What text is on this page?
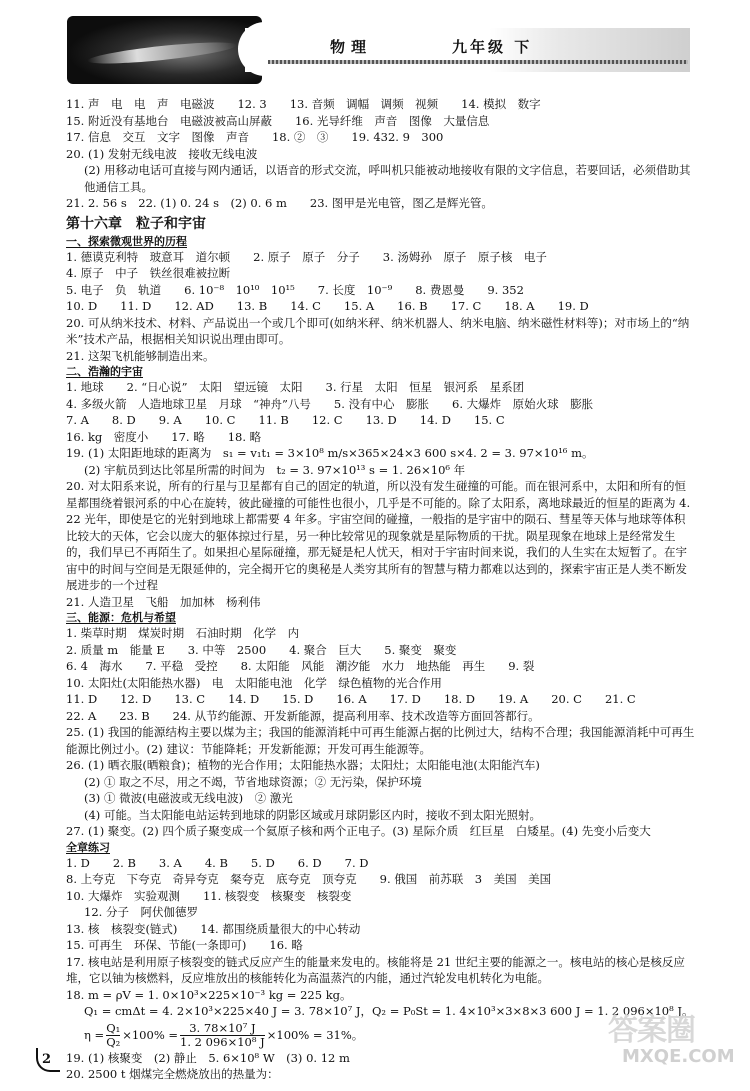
物理	九年级 下
11. 声　电　电　声　电磁波　　12. 3　　13. 音频　调幅　调频　视频　　14. 模拟　数字
15. 附近没有基地台　电磁波被高山屏蔽　　16. 光导纤维　声音　图像　大量信息
17. 信息　交互　文字　图像　声音　　18. ②　③　　19. 432. 9　300
20. (1) 发射无线电波　接收无线电波
(2) 用移动电话可直接与网内通话，以语音的形式交流，呼叫机只能被动地接收有限的文字信息，若要回话，必须借助其他通信工具。
21. 2. 56 s　22. (1) 0. 24 s　(2) 0. 6 m　　23. 图甲是光电管，图乙是辉光管。
第十六章　粒子和宇宙
一、探索微观世界的历程
1. 德谟克利特　玻意耳　道尔顿　　2. 原子　原子　分子　　3. 汤姆孙　原子　原子核　电子
4. 原子　中子　铁丝很难被拉断
5. 电子　负　轨道　　6. 10⁻⁸　10¹⁰　10¹⁵　　7. 长度　10⁻⁹　　8. 费恩曼　　9. 352
10. D　　11. D　　12. AD　　13. B　　14. C　　15. A　　16. B　　17. C　　18. A　　19. D
20. 可从纳米技术、材料、产品说出一个或几个即可(如纳米秤、纳米机器人、纳米电脑、纳米磁性材料等)；对市场上的“纳米”技术产品，根据相关知识说出理由即可。
21. 这架飞机能够制造出来。
二、浩瀚的宇宙
1. 地球　　2. “日心说”　太阳　望远镜　太阳　　3. 行星　太阳　恒星　银河系　星系团
4. 多级火箭　人造地球卫星　月球　“神舟”八号　　5. 没有中心　膨胀　　6. 大爆炸　原始火球　膨胀
7. A　　8. D　　9. A　　10. C　　11. B　　12. C　　13. D　　14. D　　15. C
16. kg　密度小　　17. 略　　18. 略
19. (1) 太阳距地球的距离为　s₁ = v₁t₁ = 3×10⁸ m/s×365×24×3 600 s×4. 2 = 3. 97×10¹⁶ m。
(2) 宇航员到达比邻星所需的时间为　t₂ = 3. 97×10¹³ s = 1. 26×10⁶ 年
20. 对太阳系来说，所有的行星与卫星都有自己的固定的轨道，所以没有发生碰撞的可能。而在银河系中，太阳和所有的恒星都围绕着银河系的中心在旋转，彼此碰撞的可能性也很小，几乎是不可能的。除了太阳系，离地球最近的恒星的距离为 4. 22 光年，即使是它的光射到地球上都需要 4 年多。宇宙空间的碰撞，一般指的是宇宙中的陨石、彗星等天体与地球等体积比较大的天体，它会以庞大的躯体掠过行星，另一种比较常见的现象就是星际物质的干扰。陨星现象在地球上是经常发生的，我们早已不再陌生了。如果担心星际碰撞，那无疑是杞人忧天，相对于宇宙时间来说，我们的人生实在太短暂了。在宇宙中的时间与空间是无限延伸的，完全揭开它的奥秘是人类穷其所有的智慧与精力都难以达到的，探索宇宙正是人类不断发展进步的一个过程
21. 人造卫星　飞船　加加林　杨利伟
三、能源：危机与希望
1. 柴草时期　煤炭时期　石油时期　化学　内
2. 质量 m　能量 E　　3. 中等　2500　　4. 聚合　巨大　　5. 聚变　聚变
6. 4　海水　　7. 平稳　受控　　8. 太阳能　风能　潮汐能　水力　地热能　再生　　9. 裂
10. 太阳灶(太阳能热水器)　电　太阳能电池　化学　绿色植物的光合作用
11. D　　12. D　　13. C　　14. D　　15. D　　16. A　　17. D　　18. D　　19. A　　20. C　　21. C
22. A　　23. B　　24. 从节约能源、开发新能源，提高利用率、技术改造等方面回答都行。
25. (1) 我国的能源结构主要以煤为主；我国的能源消耗中可再生能源占据的比例过大，结构不合理；我国能源消耗中可再生能源比例过小。(2) 建议：节能降耗；开发新能源；开发可再生能源等。
26. (1) 晒衣服(晒粮食)；植物的光合作用；太阳能热水器；太阳灶；太阳能电池(太阳能汽车)
(2) ① 取之不尽，用之不竭，节省地球资源；② 无污染，保护环境
(3) ① 微波(电磁波或无线电波)　② 激光
(4) 可能。当太阳能电站运转到地球的阴影区域或月球阴影区内时，接收不到太阳光照射。
27. (1) 聚变。(2) 四个质子聚变成一个氦原子核和两个正电子。(3) 星际介质　红巨星　白矮星。(4) 先变小后变大
全章练习
1. D　　2. B　　3. A　　4. B　　5. D　　6. D　　7. D
8. 上夸克　下夸克　奇异夸克　粲夸克　底夸克　顶夸克　　9. 俄国　前苏联　3　美国　美国
10. 大爆炸　实验观测　　11. 核裂变　核聚变　核裂变
12. 分子　阿伏伽德罗
13. 核　核裂变(链式)　　14. 都围绕质量很大的中心转动
15. 可再生　环保、节能(一条即可)　　16. 略
17. 核电站是利用原子核裂变的链式反应产生的能量来发电的。核能将是 21 世纪主要的能源之一。核电站的核心是核反应堆，它以铀为核燃料，反应堆放出的核能转化为高温蒸汽的内能，通过汽轮发电机转化为电能。
18. m = ρV = 1. 0×10³×225×10⁻³ kg = 225 kg。
Q₁ = cmΔt = 4. 2×10³×225×40 J = 3. 78×10⁷ J，Q₂ = P₀St = 1. 4×10³×3×8×3 600 J = 1. 2 096×10⁸ J。
$\eta = \frac{\text{Q₁}}{\text{Q₂}} \times 100\% = \frac{\text{3. 78×10⁷ J}}{\text{1. 2 096×10⁸ J}} \times 100\% = 31\%$。
19. (1) 核聚变　(2) 静止　5. 6×10⁸ W　(3) 0. 12 m
20. 2500 t 烟煤完全燃烧放出的热量为：
2
答案圈
MXQE.COM
